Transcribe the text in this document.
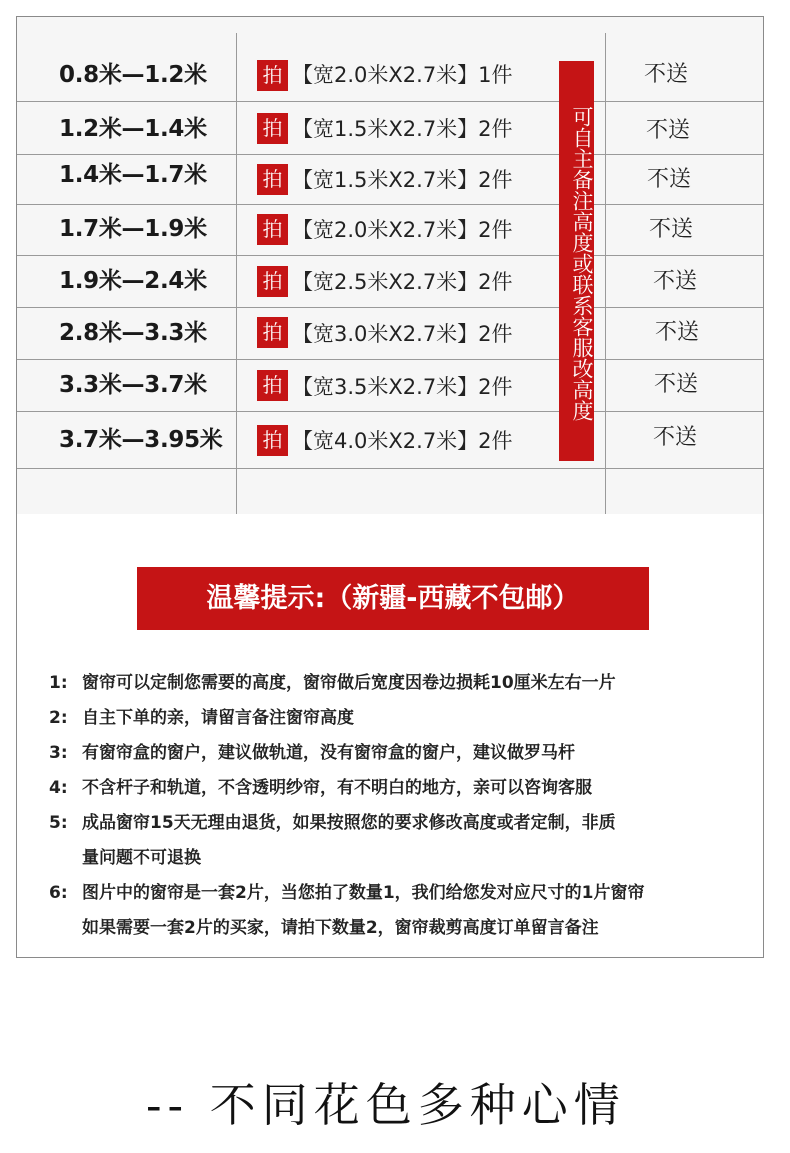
0.8米—1.2米	拍 【宽2.0米X2.7米】1件	不送
1.2米—1.4米	拍 【宽1.5米X2.7米】2件	不送
1.4米—1.7米	拍 【宽1.5米X2.7米】2件	不送
1.7米—1.9米	拍 【宽2.0米X2.7米】2件	不送
1.9米—2.4米	拍 【宽2.5米X2.7米】2件	不送
2.8米—3.3米	拍 【宽3.0米X2.7米】2件	不送
3.3米—3.7米	拍 【宽3.5米X2.7米】2件	不送
3.7米—3.95米 拍 【宽4.0米X2.7米】2件	不送
可自主备注高度或联系客服改高度
温馨提示:（新疆-西藏不包邮）
1: 窗帘可以定制您需要的高度，窗帘做后宽度因卷边损耗10厘米左右一片
2: 自主下单的亲，请留言备注窗帘高度
3: 有窗帘盒的窗户，建议做轨道，没有窗帘盒的窗户，建议做罗马杆
4: 不含杆子和轨道，不含透明纱帘，有不明白的地方，亲可以咨询客服
5: 成品窗帘15天无理由退货，如果按照您的要求修改高度或者定制，非质
量问题不可退换
6: 图片中的窗帘是一套2片，当您拍了数量1，我们给您发对应尺寸的1片窗帘
如果需要一套2片的买家，请拍下数量2，窗帘裁剪高度订单留言备注
-- 不同花色多种心情
